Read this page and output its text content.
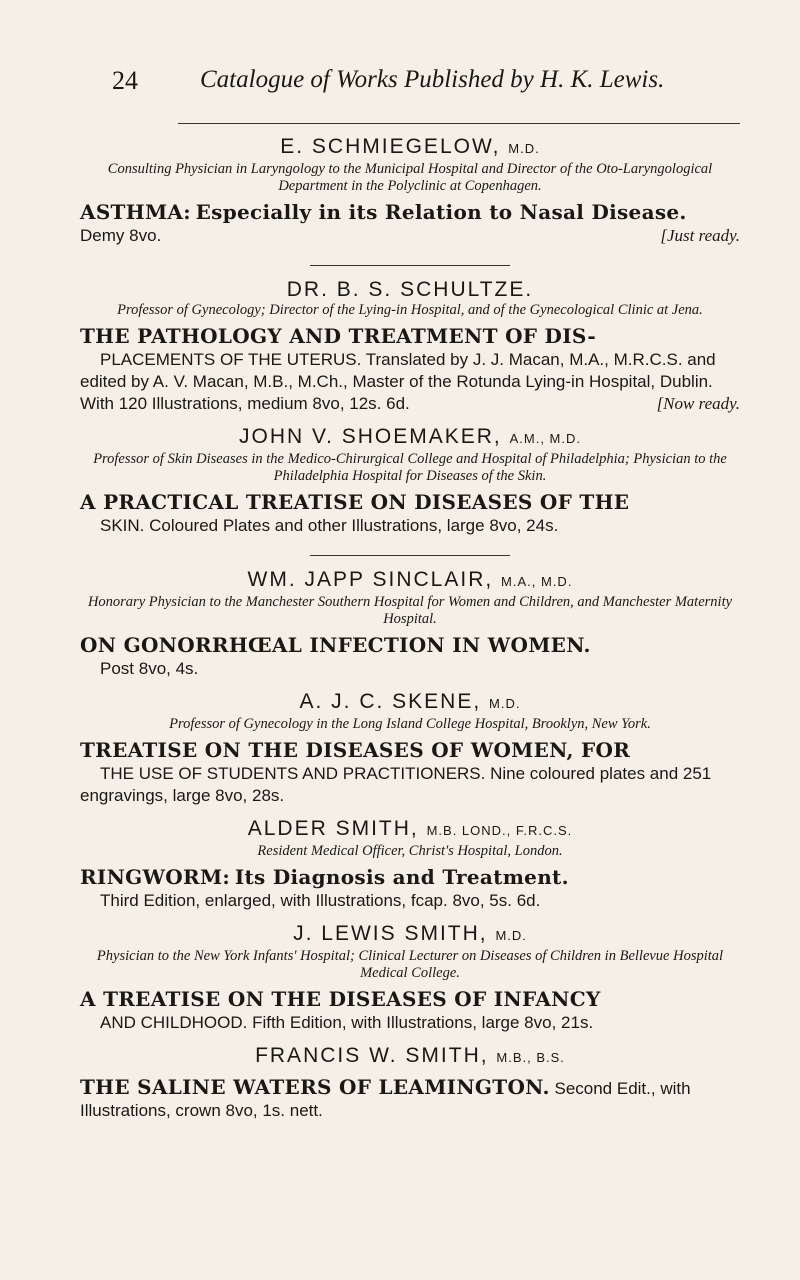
24 Catalogue of Works Published by H. K. Lewis.

E. SCHMIEGELOW, M.D.

Consulting Physician in Laryngology to the Municipal Hospital and Director of the Oto-Laryngological Department in the Polyclinic at Copenhagen.

ASTHMA: Especially in its Relation to Nasal Disease.
Demy 8vo.	[Just ready.

DR. B. S. SCHULTZE.

Professor of Gynecology; Director of the Lying-in Hospital, and of the Gynecological Clinic at Jena.

THE PATHOLOGY AND TREATMENT OF DIS-
PLACEMENTS OF THE UTERUS. Translated by J. J. Macan, M.A., M.R.C.S. and edited by A. V. Macan, M.B., M.Ch., Master of the Rotunda Lying-in Hospital, Dublin. With 120 Illustrations, medium 8vo, 12s. 6d.	[Now ready.

JOHN V. SHOEMAKER, A.M., M.D.

Professor of Skin Diseases in the Medico-Chirurgical College and Hospital of Philadelphia; Physician to the Philadelphia Hospital for Diseases of the Skin.

A PRACTICAL TREATISE ON DISEASES OF THE
SKIN. Coloured Plates and other Illustrations, large 8vo, 24s.

WM. JAPP SINCLAIR, M.A., M.D.

Honorary Physician to the Manchester Southern Hospital for Women and Children, and Manchester Maternity Hospital.

ON GONORRHŒAL INFECTION IN WOMEN.
Post 8vo, 4s.

A. J. C. SKENE, M.D.

Professor of Gynecology in the Long Island College Hospital, Brooklyn, New York.

TREATISE ON THE DISEASES OF WOMEN, FOR
THE USE OF STUDENTS AND PRACTITIONERS. Nine coloured plates and 251 engravings, large 8vo, 28s.

ALDER SMITH, M.B. LOND., F.R.C.S.

Resident Medical Officer, Christ's Hospital, London.

RINGWORM: Its Diagnosis and Treatment.
Third Edition, enlarged, with Illustrations, fcap. 8vo, 5s. 6d.

J. LEWIS SMITH, M.D.

Physician to the New York Infants' Hospital; Clinical Lecturer on Diseases of Children in Bellevue Hospital Medical College.

A TREATISE ON THE DISEASES OF INFANCY
AND CHILDHOOD. Fifth Edition, with Illustrations, large 8vo, 21s.

FRANCIS W. SMITH, M.B., B.S.

THE SALINE WATERS OF LEAMINGTON. Second Edit., with Illustrations, crown 8vo, 1s. nett.
